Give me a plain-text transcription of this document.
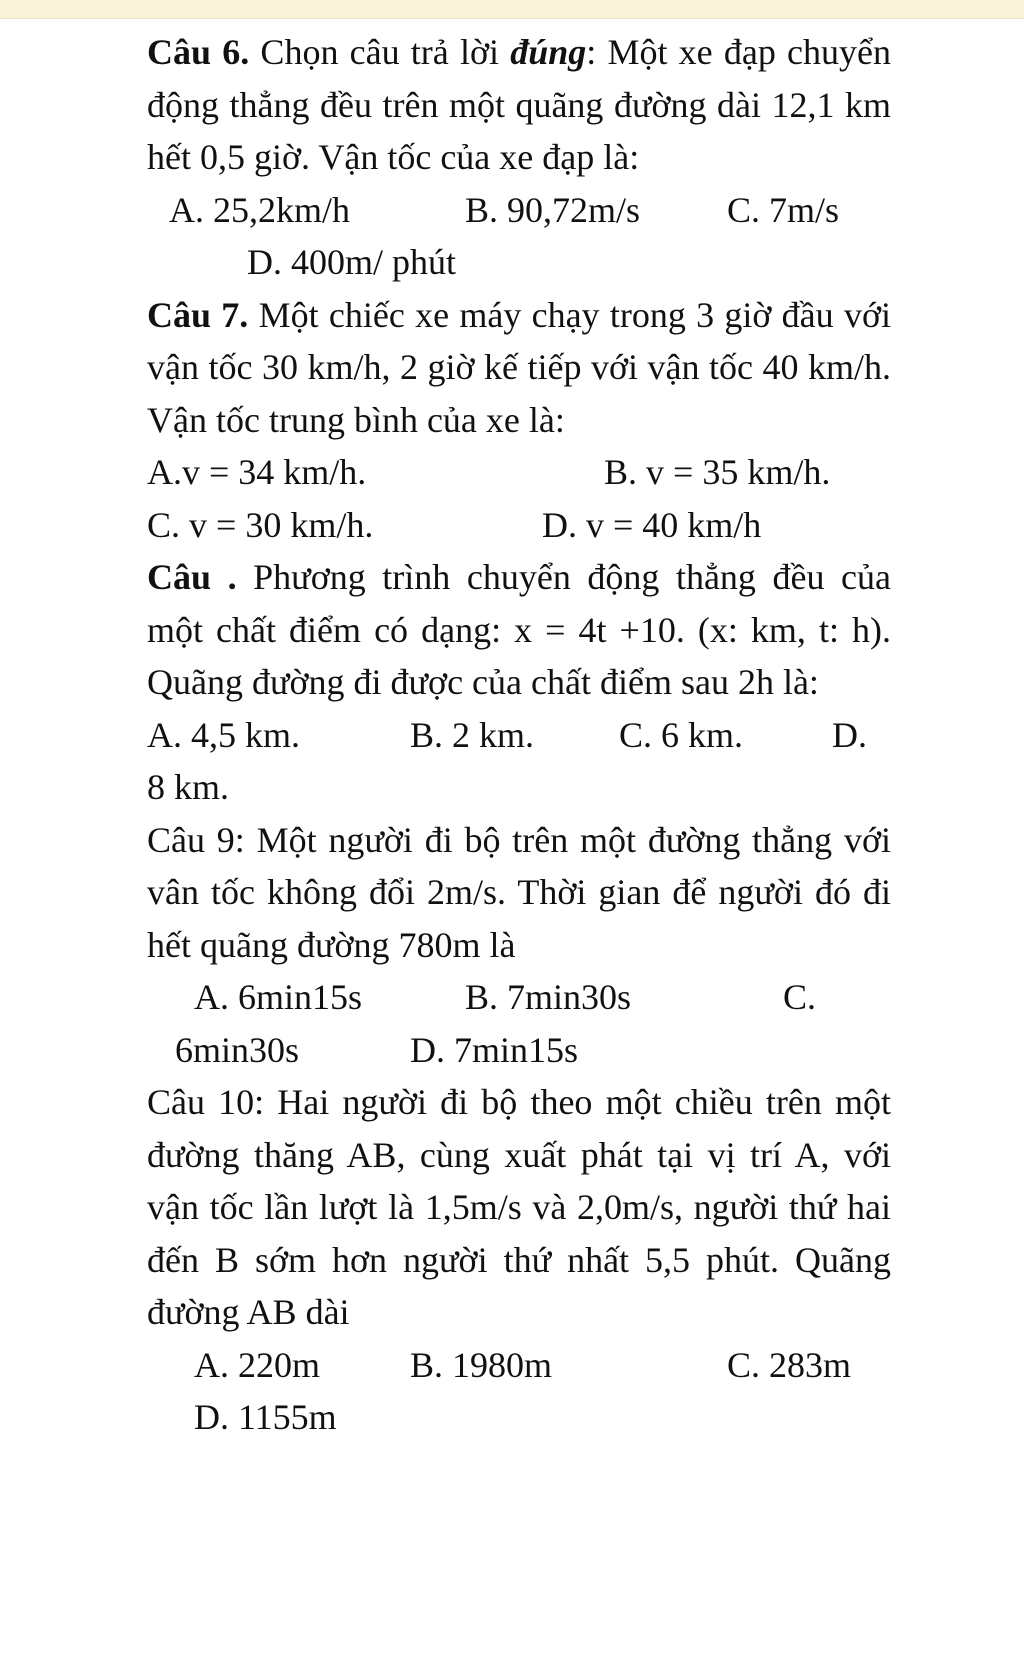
Câu 6. Chọn câu trả lời đúng: Một xe đạp chuyển động thẳng đều trên một quãng đường dài 12,1 km hết 0,5 giờ. Vận tốc của xe đạp là:

A. 25,2km/h	B. 90,72m/s C. 7m/s
D. 400m/ phút

Câu 7. Một chiếc xe máy chạy trong 3 giờ đầu với vận tốc 30 km/h, 2 giờ kế tiếp với vận tốc 40 km/h. Vận tốc trung bình của xe là:

A.v = 34 km/h.	B. v = 35 km/h.
C. v = 30 km/h.	D. v = 40 km/h

Câu . Phương trình chuyển động thẳng đều của một chất điểm có dạng: x = 4t +10. (x: km, t: h). Quãng đường đi được của chất điểm sau 2h là:

A. 4,5 km.	B. 2 km. C. 6 km. D.
8 km.

Câu 9: Một người đi bộ trên một đường thẳng với vân tốc không đổi 2m/s. Thời gian để người đó đi hết quãng đường 780m là

A. 6min15s	B. 7min30s	C.
6min30s	D. 7min15s

Câu 10: Hai người đi bộ theo một chiều trên một đường thăng AB, cùng xuất phát tại vị trí A, với vận tốc lần lượt là 1,5m/s và 2,0m/s, người thứ hai đến B sớm hơn người thứ nhất 5,5 phút. Quãng đường AB dài

A. 220m	B. 1980m	C. 283m
D. 1155m
